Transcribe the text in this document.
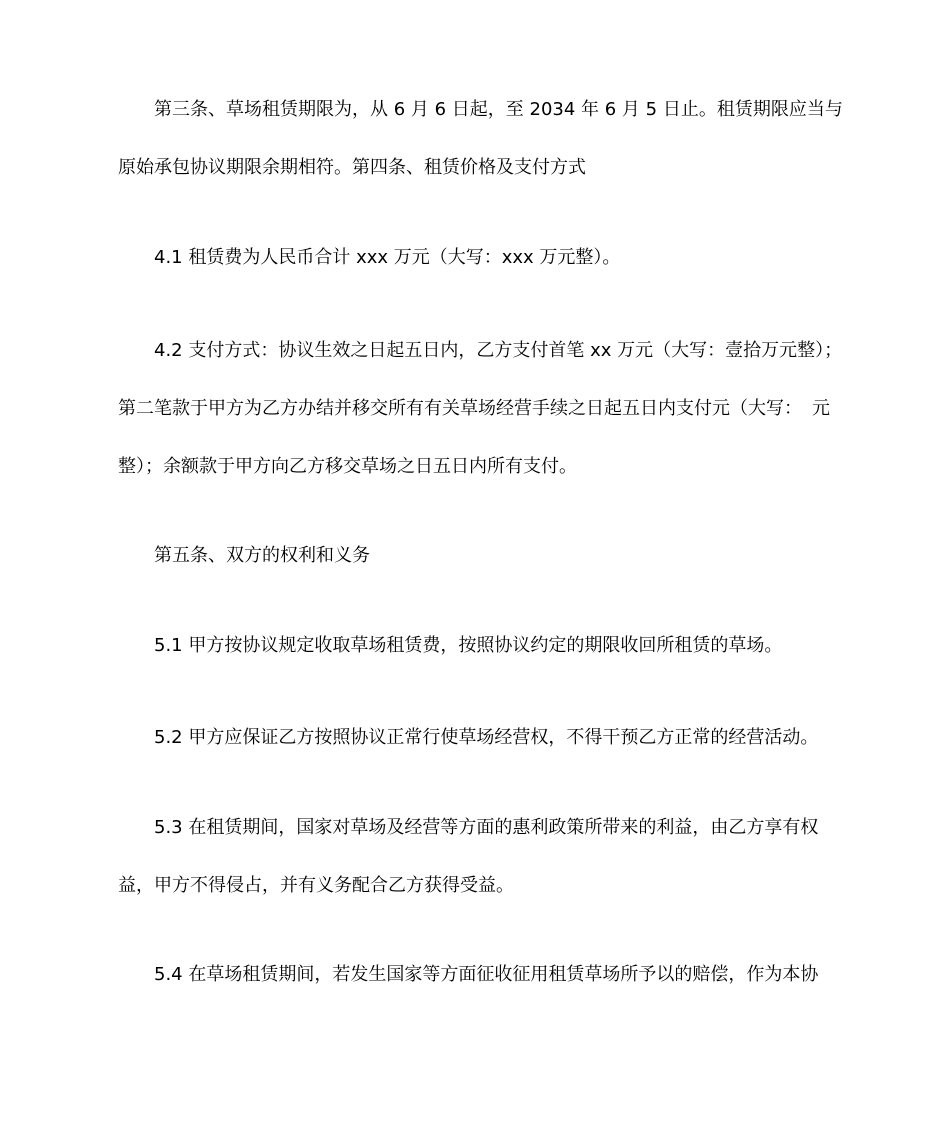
第三条、草场租赁期限为，从 6 月 6 日起，至 2034 年 6 月 5 日止。租赁期限应当与
原始承包协议期限余期相符。第四条、租赁价格及支付方式
4.1 租赁费为人民币合计 xxx 万元（大写：xxx 万元整）。
4.2 支付方式：协议生效之日起五日内，乙方支付首笔 xx 万元（大写：壹拾万元整）；
第二笔款于甲方为乙方办结并移交所有有关草场经营手续之日起五日内支付元（大写： 元
整）；余额款于甲方向乙方移交草场之日五日内所有支付。
第五条、双方的权利和义务
5.1 甲方按协议规定收取草场租赁费，按照协议约定的期限收回所租赁的草场。
5.2 甲方应保证乙方按照协议正常行使草场经营权，不得干预乙方正常的经营活动。
5.3 在租赁期间，国家对草场及经营等方面的惠利政策所带来的利益，由乙方享有权
益，甲方不得侵占，并有义务配合乙方获得受益。
5.4 在草场租赁期间，若发生国家等方面征收征用租赁草场所予以的赔偿，作为本协
